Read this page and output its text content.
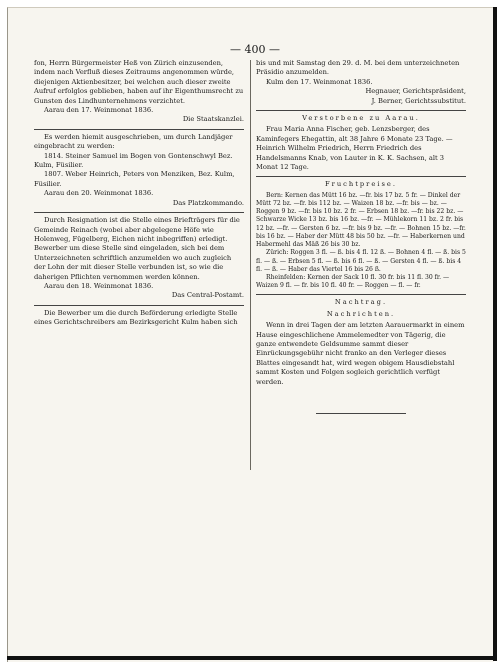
— 400 —

fon, Herrn Bürgermeister Heß von Zürich einzusenden, indem nach Verfluß dieses Zeitraums angenommen würde, diejenigen Aktienbesitzer, bei welchen auch dieser zweite Aufruf erfolglos geblieben, haben auf ihr Eigenthumsrecht zu Gunsten des Lindhunternehmens verzichtet.

Aarau den 17. Weinmonat 1836.

Die Staatskanzlei.

Es werden hiemit ausgeschrieben, um durch Landjäger eingebracht zu werden:

1814. Steiner Samuel im Bogen von Gontenschwyl Bez. Kulm, Füsilier.

1807. Weber Heinrich, Peters von Menziken, Bez. Kulm, Füsilier.

Aarau den 20. Weinmonat 1836.

Das Platzkommando.

Durch Resignation ist die Stelle eines Briefträgers für die Gemeinde Reinach (wobei aber abgelegene Höfe wie Holenweg, Fügelberg, Eichen nicht inbegriffen) erledigt. Bewerber um diese Stelle sind eingeladen, sich bei dem Unterzeichneten schriftlich anzumelden wo auch zugleich der Lohn der mit dieser Stelle verbunden ist, so wie die daherigen Pflichten vernommen werden können.

Aarau den 18. Weinmonat 1836.

Das Central-Postamt.

Die Bewerber um die durch Beförderung erledigte Stelle eines Gerichtschreibers am Bezirksgericht Kulm haben sich

bis und mit Samstag den 29. d. M. bei dem unterzeichneten Präsidio anzumelden.

Kulm den 17. Weinmonat 1836.

Hegnauer, Gerichtspräsident,

J. Berner, Gerichtssubstitut.

Verstorbene zu Aarau.

Frau Maria Anna Fischer, geb. Lenzsberger, des Kaminfegers Ehegattin, alt 38 Jahre 6 Monate 23 Tage. — Heinrich Wilhelm Friedrich, Herrn Friedrich des Handelsmanns Knab, von Lauter in K. K. Sachsen, alt 3 Monat 12 Tage.

Fruchtpreise.

Bern: Kernen das Mütt 16 bz. —fr. bis 17 bz. 5 fr. — Dinkel der Mütt 72 bz. —fr. bis 112 bz. — Waizen 18 bz. —fr. bis — bz. — Roggen 9 bz. —fr. bis 10 bz. 2 fr. — Erbsen 18 bz. —fr. bis 22 bz. — Schwarze Wicke 13 bz. bis 16 bz. —fr. — Mühlekorn 11 bz. 2 fr. bis 12 bz. —fr. — Gersten 6 bz. —fr. bis 9 bz. —fr. — Bohnen 15 bz. —fr. bis 16 bz. — Haber der Mütt 48 bis 50 bz. —fr. — Haberkernen und Habermehl das Mäß 26 bis 30 bz.

Zürich: Roggen 3 fl. — ß. bis 4 fl. 12 ß. — Bohnen 4 fl. — ß. bis 5 fl. — ß. — Erbsen 5 fl. — ß. bis 6 fl. — ß. — Gersten 4 fl. — ß. bis 4 fl. — ß. — Haber das Viertel 16 bis 26 ß.

Rheinfelden: Kernen der Sack 10 fl. 30 fr. bis 11 fl. 30 fr. — Waizen 9 fl. — fr. bis 10 fl. 40 fr. — Roggen — fl. — fr.

Nachtrag.

Nachrichten.

Wenn in drei Tagen der am letzten Aarauermarkt in einem Hause eingeschlichene Ammelemedter von Tägerig, die ganze entwendete Geldsumme sammt dieser Einrückungsgebühr nicht franko an den Verleger dieses Blattes eingesandt hat, wird wegen obigem Hausdiebstahl sammt Kosten und Folgen sogleich gerichtlich verfügt werden.
